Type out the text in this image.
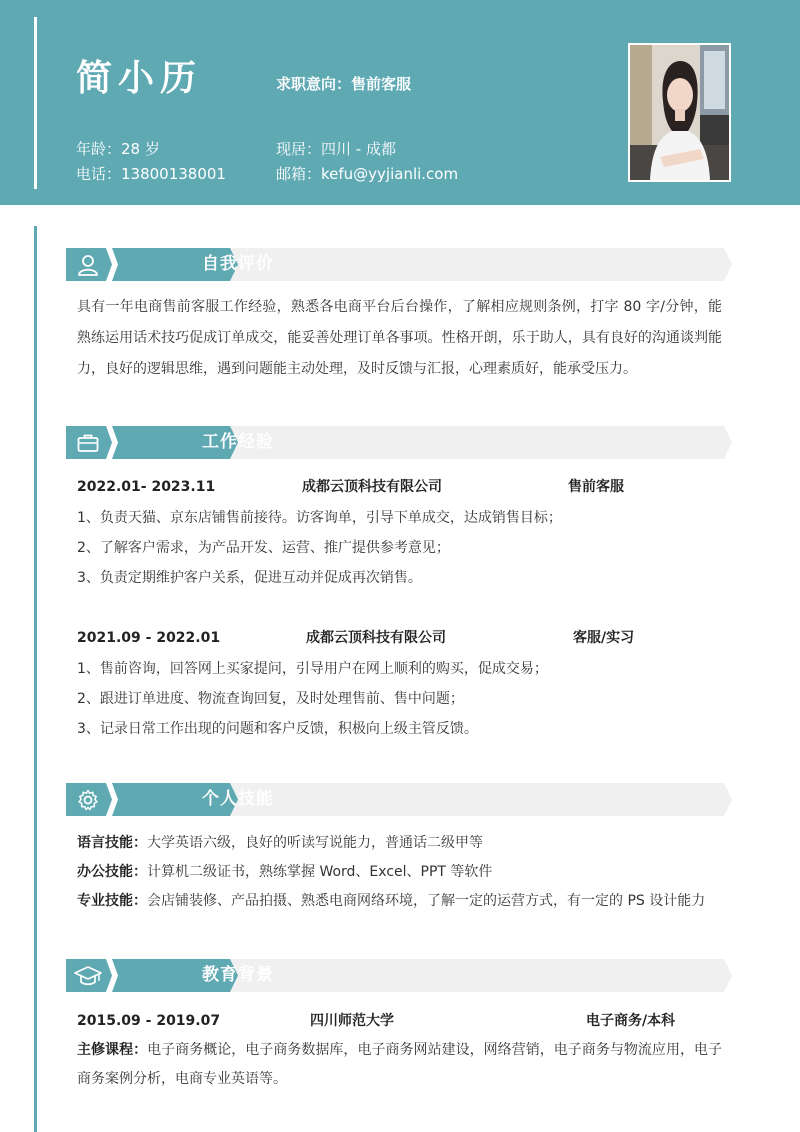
简小历	求职意向：售前客服
年龄：28 岁
电话：13800138001
现居：四川 - 成都
邮箱：kefu@yyjianli.com
自我评价
具有一年电商售前客服工作经验，熟悉各电商平台后台操作，了解相应规则条例，打字 80 字/分钟，能熟练运用话术技巧促成订单成交，能妥善处理订单各事项。性格开朗，乐于助人，具有良好的沟通谈判能力，良好的逻辑思维，遇到问题能主动处理，及时反馈与汇报，心理素质好，能承受压力。
工作经验
2022.01- 2023.11	成都云顶科技有限公司	售前客服
1、负责天猫、京东店铺售前接待。访客询单，引导下单成交，达成销售目标；
2、了解客户需求，为产品开发、运营、推广提供参考意见；
3、负责定期维护客户关系，促进互动并促成再次销售。
2021.09 - 2022.01	成都云顶科技有限公司	客服/实习
1、售前咨询，回答网上买家提问，引导用户在网上顺利的购买，促成交易；
2、跟进订单进度、物流查询回复，及时处理售前、售中问题；
3、记录日常工作出现的问题和客户反馈，积极向上级主管反馈。
个人技能
语言技能：大学英语六级，良好的听读写说能力，普通话二级甲等
办公技能：计算机二级证书，熟练掌握 Word、Excel、PPT 等软件
专业技能：会店铺装修、产品拍摄、熟悉电商网络环境，了解一定的运营方式，有一定的 PS 设计能力
教育背景
2015.09 - 2019.07	四川师范大学	电子商务/本科
主修课程：电子商务概论，电子商务数据库，电子商务网站建设，网络营销，电子商务与物流应用，电子商务案例分析，电商专业英语等。
